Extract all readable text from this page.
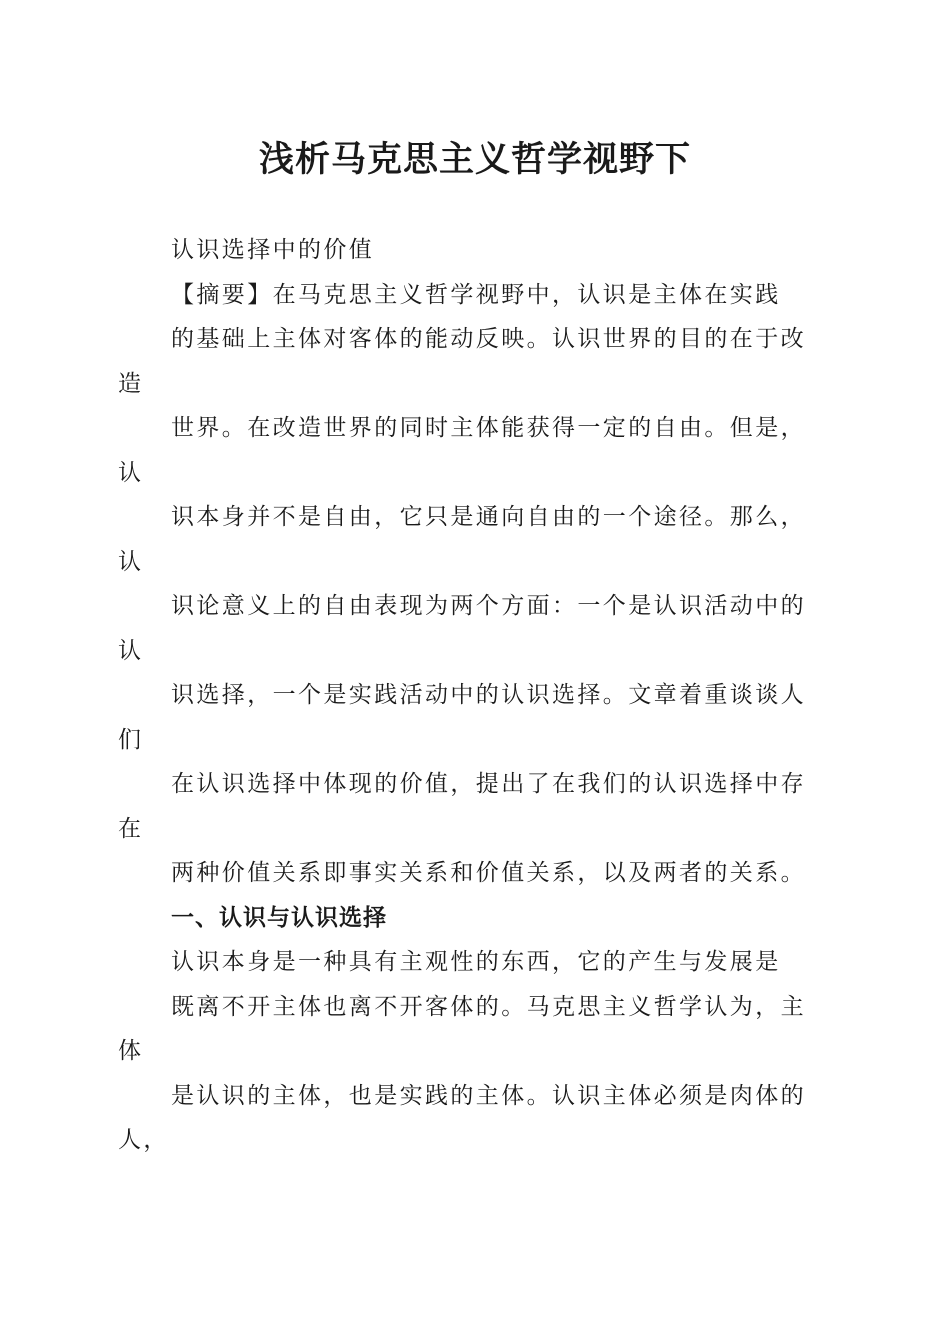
浅析马克思主义哲学视野下
认识选择中的价值
【摘要】在马克思主义哲学视野中，认识是主体在实践
的基础上主体对客体的能动反映。认识世界的目的在于改
造
世界。在改造世界的同时主体能获得一定的自由。但是，
认
识本身并不是自由，它只是通向自由的一个途径。那么，
认
识论意义上的自由表现为两个方面：一个是认识活动中的
认
识选择，一个是实践活动中的认识选择。文章着重谈谈人
们
在认识选择中体现的价值，提出了在我们的认识选择中存
在
两种价值关系即事实关系和价值关系，以及两者的关系。
一、认识与认识选择
认识本身是一种具有主观性的东西，它的产生与发展是
既离不开主体也离不开客体的。马克思主义哲学认为，主
体
是认识的主体，也是实践的主体。认识主体必须是肉体的
人，
